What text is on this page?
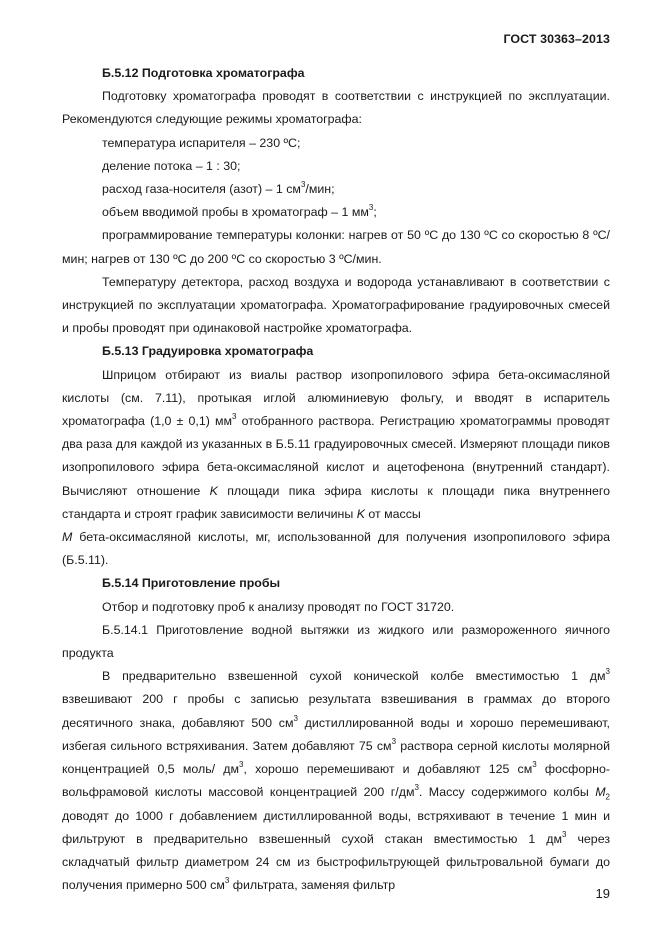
ГОСТ 30363–2013

Б.5.12 Подготовка хроматографа

Подготовку хроматографа проводят в соответствии с инструкцией по эксплуатации. Рекомендуются следующие режимы хроматографа:

температура испарителя – 230 ºС;

деление потока – 1 : 30;

расход газа-носителя (азот) – 1 $см^3$/мин;

объем вводимой пробы в хроматограф – 1 $мм^3$;

программирование температуры колонки: нагрев от 50 ºС до 130 ºС со скоростью 8 ºС/мин; нагрев от 130 ºС до 200 ºС со скоростью 3 ºС/мин.

Температуру детектора, расход воздуха и водорода устанавливают в соответствии с инструкцией по эксплуатации хроматографа. Хроматографирование градуировочных смесей и пробы проводят при одинаковой настройке хроматографа.

Б.5.13 Градуировка хроматографа

Шприцом отбирают из виалы раствор изопропилового эфира бета-оксимасляной кислоты (см. 7.11), протыкая иглой алюминиевую фольгу, и вводят в испаритель хроматографа (1,0 ± 0,1) $мм^3$ отобранного раствора. Регистрацию хроматограммы проводят два раза для каждой из указанных в Б.5.11 градуировочных смесей. Измеряют площади пиков изопропилового эфира бета-оксимасляной кислот и ацетофенона (внутренний стандарт). Вычисляют отношение K площади пика эфира кислоты к площади пика внутреннего стандарта и строят график зависимости величины K от массы
M бета-оксимасляной кислоты, мг, использованной для получения изопропилового эфира (Б.5.11).

Б.5.14 Приготовление пробы

Отбор и подготовку проб к анализу проводят по ГОСТ 31720.

Б.5.14.1 Приготовление водной вытяжки из жидкого или размороженного яичного продукта

В предварительно взвешенной сухой конической колбе вместимостью 1 $дм^3$ взвешивают 200 г пробы с записью результата взвешивания в граммах до второго десятичного знака, добавляют 500 $см^3$ дистиллированной воды и хорошо перемешивают, избегая сильного встряхивания. Затем добавляют 75 $см^3$ раствора серной кислоты молярной концентрацией 0,5 моль/ $дм^3$, хорошо перемешивают и добавляют 125 $см^3$ фосфорно-вольфрамовой кислоты массовой концентрацией 200 $г/дм^3$. Массу содержимого колбы $M_2$ доводят до 1000 г добавлением дистиллированной воды, встряхивают в течение 1 мин и фильтруют в предварительно взвешенный сухой стакан вместимостью 1 $дм^3$ через складчатый фильтр диаметром 24 см из быстрофильтрующей фильтровальной бумаги до получения примерно 500 $см^3$ фильтрата, заменяя фильтр

19
